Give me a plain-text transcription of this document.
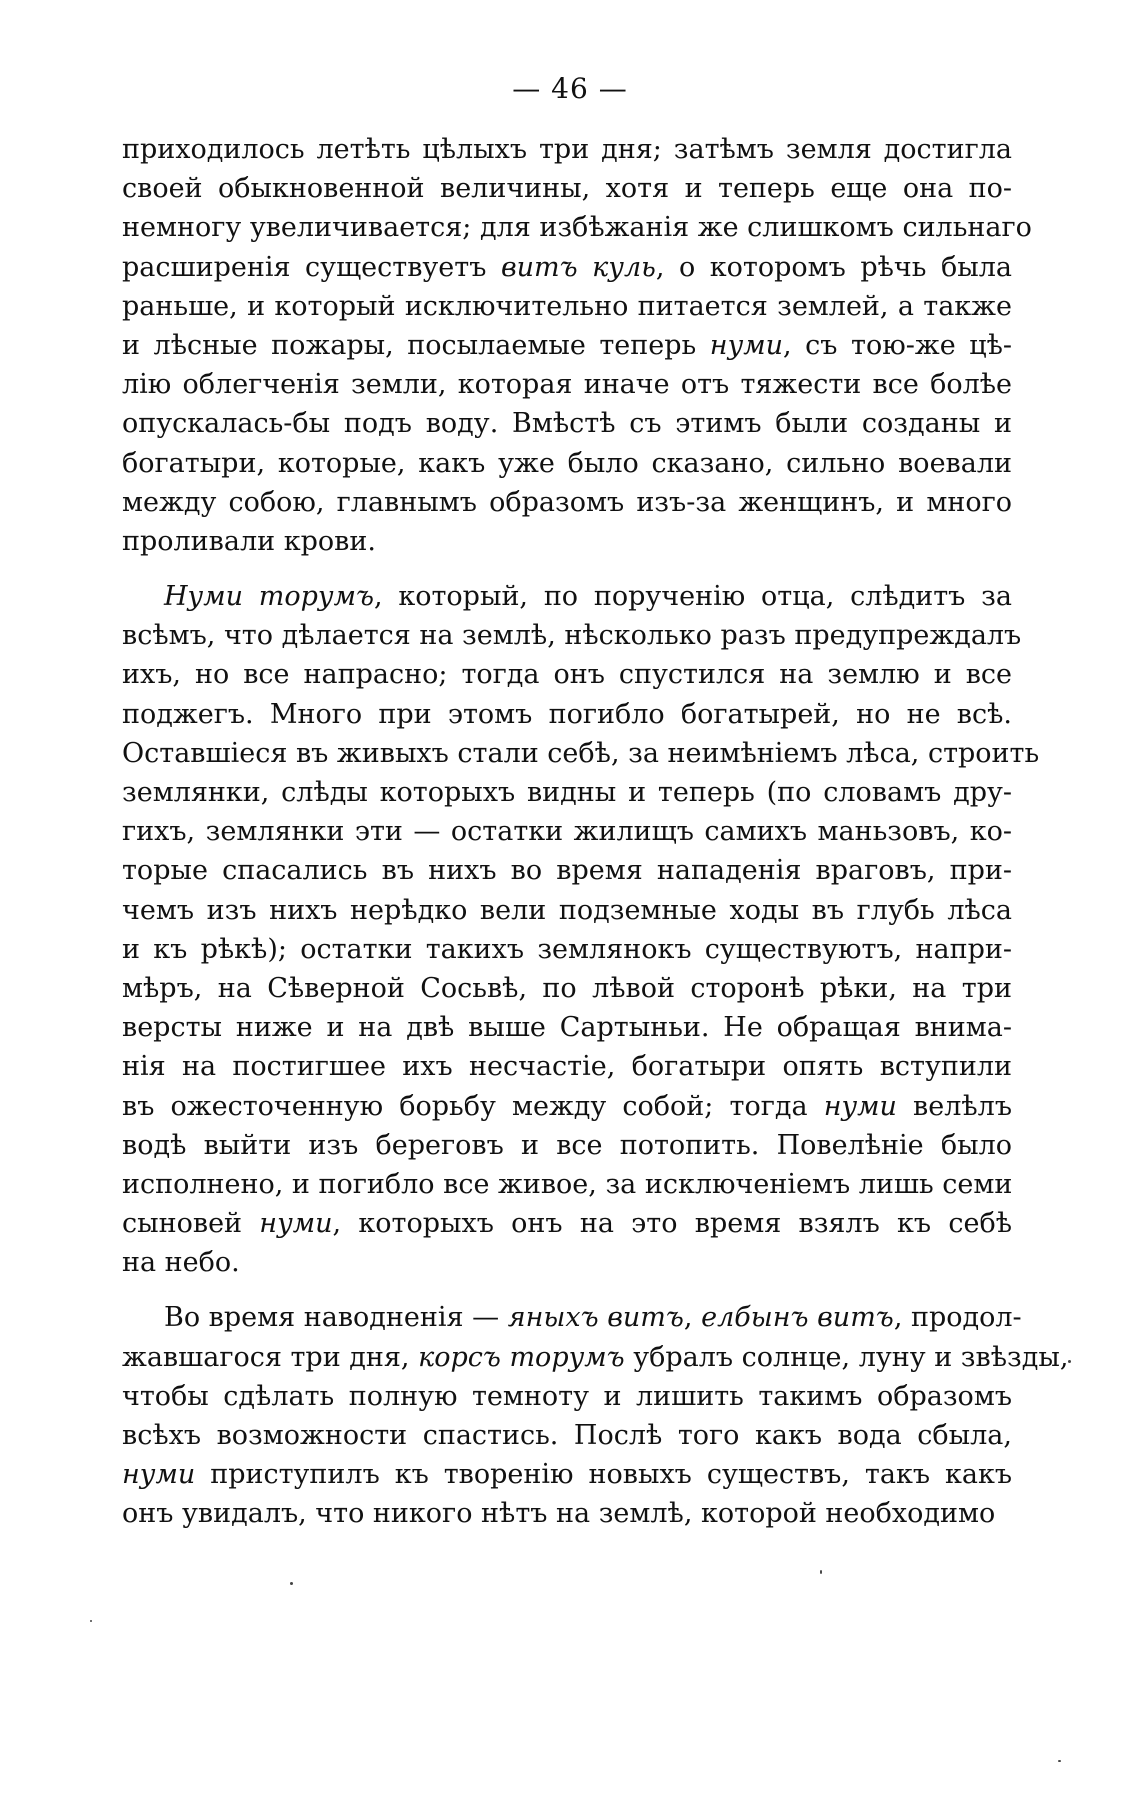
— 46 —
приходилось летѣть цѣлыхъ три дня; затѣмъ земля достигла
своей обыкновенной величины, хотя и теперь еще она по-
немногу увеличивается; для избѣжанія же слишкомъ сильнаго
расширенія существуетъ витъ куль, о которомъ рѣчь была
раньше, и который исключительно питается землей, а также
и лѣсные пожары, посылаемые теперь нуми, съ тою-же цѣ-
лію облегченія земли, которая иначе отъ тяжести все болѣе
опускалась-бы подъ воду. Вмѣстѣ съ этимъ были созданы и
богатыри, которые, какъ уже было сказано, сильно воевали
между собою, главнымъ образомъ изъ-за женщинъ, и много
проливали крови.
Нуми торумъ, который, по порученію отца, слѣдитъ за
всѣмъ, что дѣлается на землѣ, нѣсколько разъ предупреждалъ
ихъ, но все напрасно; тогда онъ спустился на землю и все
поджегъ. Много при этомъ погибло богатырей, но не всѣ.
Оставшіеся въ живыхъ стали себѣ, за неимѣніемъ лѣса, строить
землянки, слѣды которыхъ видны и теперь (по словамъ дру-
гихъ, землянки эти — остатки жилищъ самихъ маньзовъ, ко-
торые спасались въ нихъ во время нападенія враговъ, при-
чемъ изъ нихъ нерѣдко вели подземные ходы въ глубь лѣса
и къ рѣкѣ); остатки такихъ землянокъ существуютъ, напри-
мѣръ, на Сѣверной Сосьвѣ, по лѣвой сторонѣ рѣки, на три
версты ниже и на двѣ выше Сартыньи. Не обращая внима-
нія на постигшее ихъ несчастіе, богатыри опять вступили
въ ожесточенную борьбу между собой; тогда нуми велѣлъ
водѣ выйти изъ береговъ и все потопить. Повелѣніе было
исполнено, и погибло все живое, за исключеніемъ лишь семи
сыновей нуми, которыхъ онъ на это время взялъ къ себѣ
на небо.
Во время наводненія — яныхъ витъ, елбынъ витъ, продол-
жавшагося три дня, корсъ торумъ убралъ солнце, луну и звѣзды,
чтобы сдѣлать полную темноту и лишить такимъ образомъ
всѣхъ возможности спастись. Послѣ того какъ вода сбыла,
нуми приступилъ къ творенію новыхъ существъ, такъ какъ
онъ увидалъ, что никого нѣтъ на землѣ, которой необходимо
